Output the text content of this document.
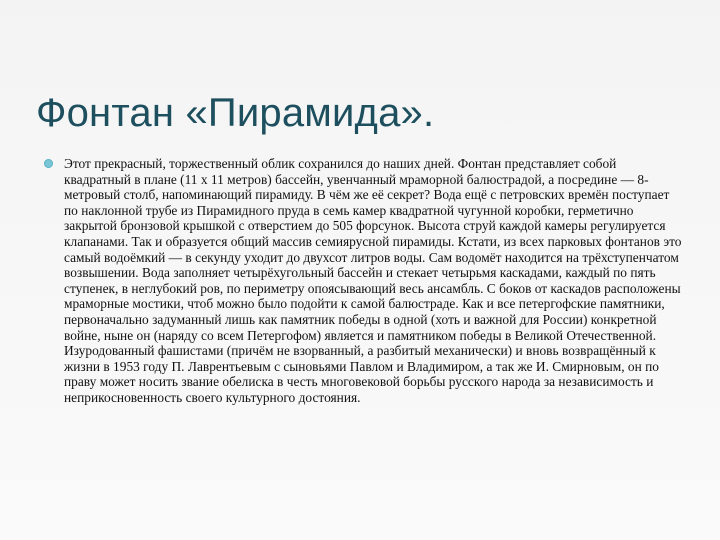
Фонтан «Пирамида».

Этот прекрасный, торжественный облик сохранился до наших дней. Фонтан представляет собой квадратный в плане (11 х 11 метров) бассейн, увенчанный мраморной балюстрадой, а посредине — 8-метровый столб, напоминающий пирамиду. В чём же её секрет? Вода ещё с петровских времён поступает по наклонной трубе из Пирамидного пруда в семь камер квадратной чугунной коробки, герметично закрытой бронзовой крышкой с отверстием до 505 форсунок. Высота струй каждой камеры регулируется клапанами. Так и образуется общий массив семиярусной пирамиды. Кстати, из всех парковых фонтанов это самый водоёмкий — в секунду уходит до двухсот литров воды. Сам водомёт находится на трёхступенчатом возвышении. Вода заполняет четырёхугольный бассейн и стекает четырьмя каскадами, каждый по пять ступенек, в неглубокий ров, по периметру опоясывающий весь ансамбль. С боков от каскадов расположены мраморные мостики, чтоб можно было подойти к самой балюстраде. Как и все петергофские памятники, первоначально задуманный лишь как памятник победы в одной (хоть и важной для России) конкретной войне, ныне он (наряду со всем Петергофом) является и памятником победы в Великой Отечественной. Изуродованный фашистами (причём не взорванный, а разбитый механически) и вновь возвращённый к жизни в 1953 году П. Лаврентьевым с сыновьями Павлом и Владимиром, а так же И. Смирновым, он по праву может носить звание обелиска в честь многовековой борьбы русского народа за независимость и неприкосновенность своего культурного достояния.
